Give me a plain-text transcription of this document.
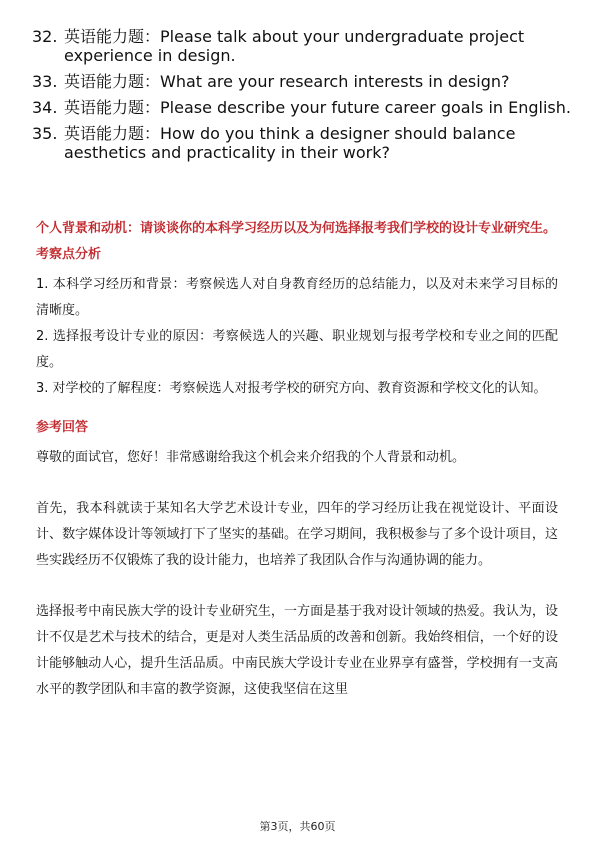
32. 英语能力题：Please talk about your undergraduate project experience in design.
33. 英语能力题：What are your research interests in design?
34. 英语能力题：Please describe your future career goals in English.
35. 英语能力题：How do you think a designer should balance aesthetics and practicality in their work?

个人背景和动机：请谈谈你的本科学习经历以及为何选择报考我们学校的设计专业研究生。

考察点分析

1. 本科学习经历和背景：考察候选人对自身教育经历的总结能力，以及对未来学习目标的清晰度。

2. 选择报考设计专业的原因：考察候选人的兴趣、职业规划与报考学校和专业之间的匹配度。

3. 对学校的了解程度：考察候选人对报考学校的研究方向、教育资源和学校文化的认知。

参考回答

尊敬的面试官，您好！非常感谢给我这个机会来介绍我的个人背景和动机。

首先，我本科就读于某知名大学艺术设计专业，四年的学习经历让我在视觉设计、平面设计、数字媒体设计等领域打下了坚实的基础。在学习期间，我积极参与了多个设计项目，这些实践经历不仅锻炼了我的设计能力，也培养了我团队合作与沟通协调的能力。

选择报考中南民族大学的设计专业研究生，一方面是基于我对设计领域的热爱。我认为，设计不仅是艺术与技术的结合，更是对人类生活品质的改善和创新。我始终相信，一个好的设计能够触动人心，提升生活品质。中南民族大学设计专业在业界享有盛誉，学校拥有一支高水平的教学团队和丰富的教学资源，这使我坚信在这里

第3页，共60页
